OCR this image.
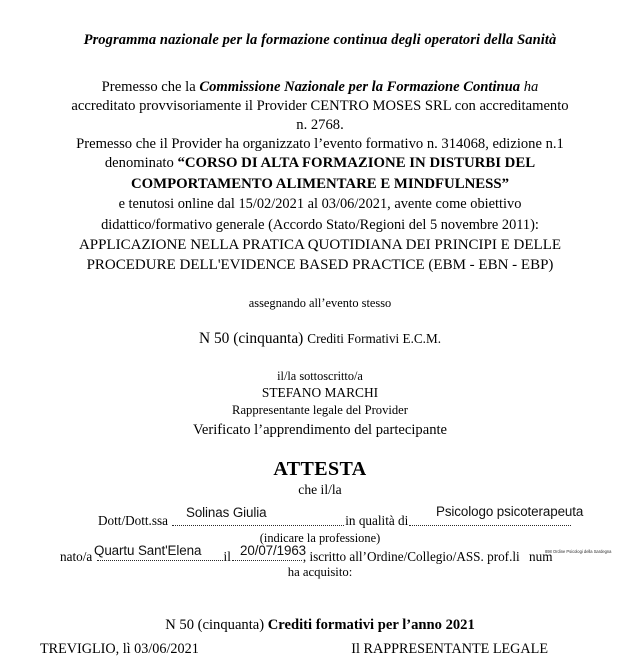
Programma nazionale per la formazione continua degli operatori della Sanità
Premesso che la Commissione Nazionale per la Formazione Continua ha
accreditato provvisoriamente il Provider CENTRO MOSES SRL con accreditamento
n. 2768.
Premesso che il Provider ha organizzato l’evento formativo n. 314068, edizione n.1
denominato “CORSO DI ALTA FORMAZIONE IN DISTURBI DEL
COMPORTAMENTO ALIMENTARE E MINDFULNESS”
e tenutosi online dal 15/02/2021 al 03/06/2021, avente come obiettivo
didattico/formativo generale (Accordo Stato/Regioni del 5 novembre 2011):
APPLICAZIONE NELLA PRATICA QUOTIDIANA DEI PRINCIPI E DELLE
PROCEDURE DELL'EVIDENCE BASED PRACTICE (EBM - EBN - EBP)
assegnando all’evento stesso
N 50 (cinquanta) Crediti Formativi E.C.M.
il/la sottoscritto/a
STEFANO MARCHI
Rappresentante legale del Provider
Verificato l’apprendimento del partecipante
ATTESTA
che il/la
Dott/Dott.ssa	in qualità di
Solinas Giulia	Psicologo psicoterapeuta
(indicare la professione)
nato/a	il	, iscritto all’Ordine/Collegio/ASS. prof.li num
Quartu Sant'Elena	20/07/1963	898 Ordine Psicologi della Sardegna
ha acquisito:
N 50 (cinquanta) Crediti formativi per l’anno 2021
TREVIGLIO, lì 03/06/2021	Il RAPPRESENTANTE LEGALE
